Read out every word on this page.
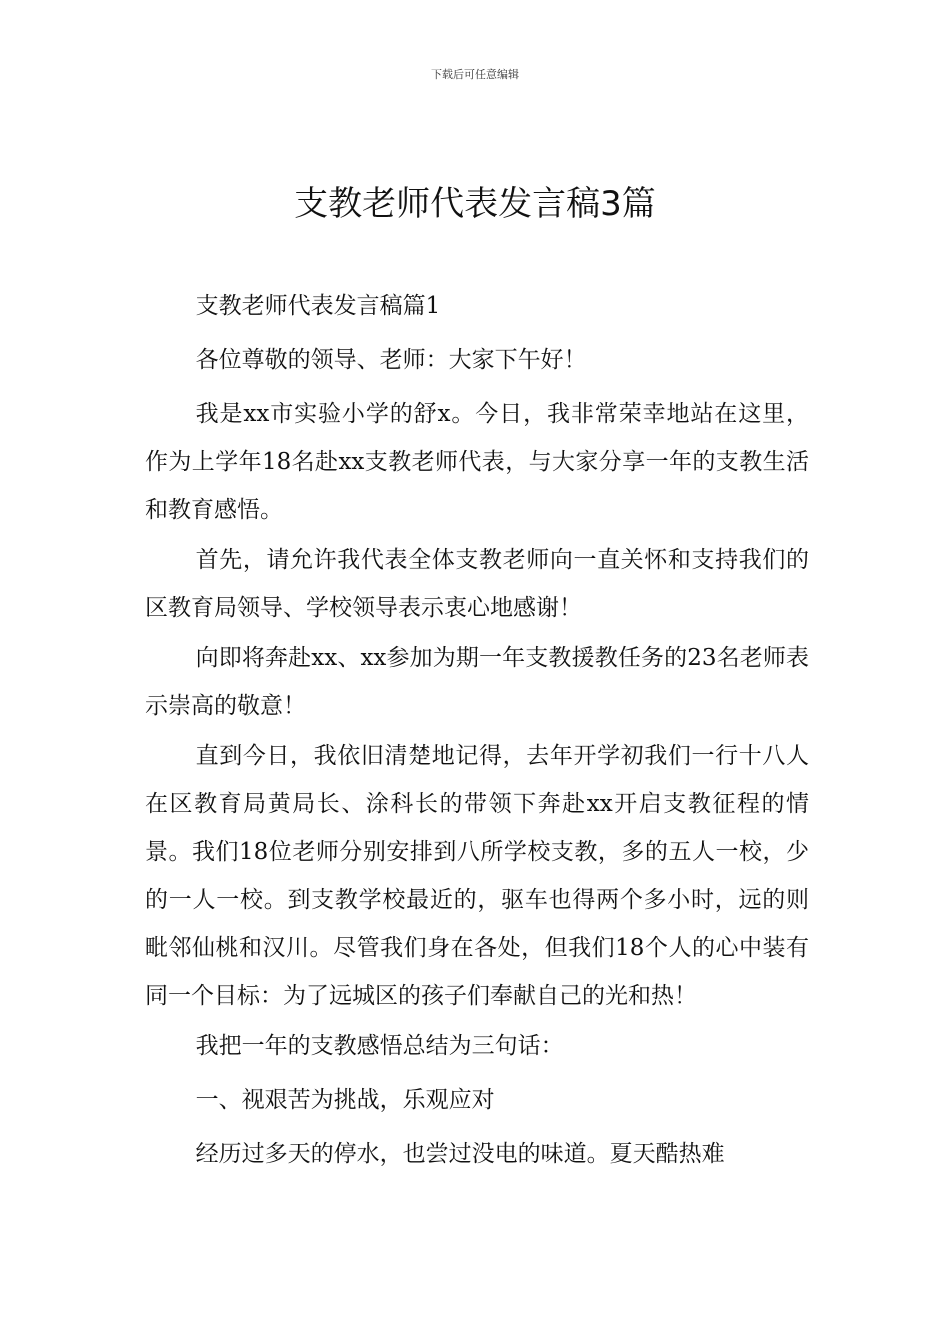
下载后可任意编辑
支教老师代表发言稿3篇

支教老师代表发言稿篇1

各位尊敬的领导、老师：大家下午好！

我是xx市实验小学的舒x。今日，我非常荣幸地站在这里，作为上学年18名赴xx支教老师代表，与大家分享一年的支教生活和教育感悟。

首先，请允许我代表全体支教老师向一直关怀和支持我们的区教育局领导、学校领导表示衷心地感谢！

向即将奔赴xx、xx参加为期一年支教援教任务的23名老师表示崇高的敬意！

直到今日，我依旧清楚地记得，去年开学初我们一行十八人在区教育局黄局长、涂科长的带领下奔赴xx开启支教征程的情景。我们18位老师分别安排到八所学校支教，多的五人一校，少的一人一校。到支教学校最近的，驱车也得两个多小时，远的则毗邻仙桃和汉川。尽管我们身在各处，但我们18个人的心中装有同一个目标：为了远城区的孩子们奉献自己的光和热！

我把一年的支教感悟总结为三句话：

一、视艰苦为挑战，乐观应对

经历过多天的停水，也尝过没电的味道。夏天酷热难
